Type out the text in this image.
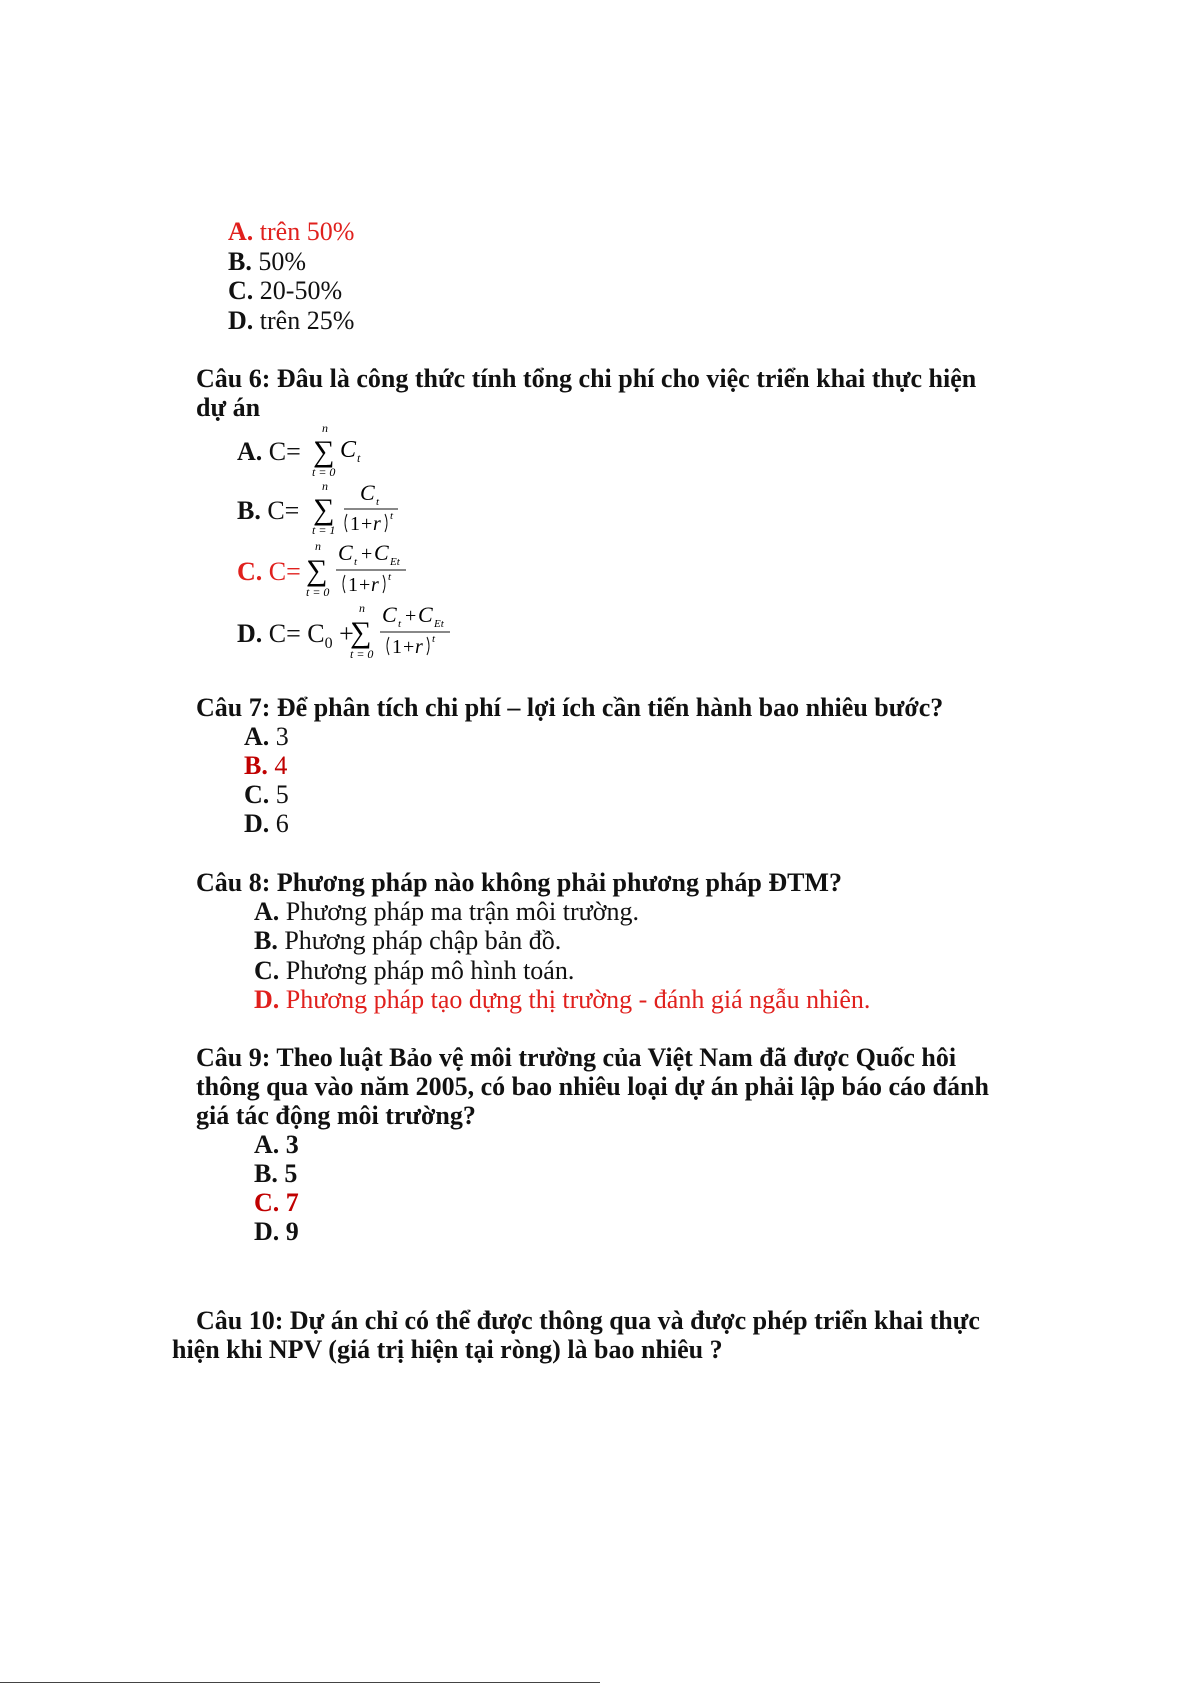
A. trên 50%
B. 50%
C. 20-50%
D. trên 25%
Câu 6: Đâu là công thức tính tổng chi phí cho việc triển khai thực hiện
dự án
A. C=
n
∑
t = 0
C t
B. C=
n
∑
t = 1
C t
1 + r t
C. C=
n
∑
t = 0
C t + C Et
1 + r t
D. $C= C_0$ +
n
∑
t = 0
C t + C Et
1 + r t
Câu 7: Để phân tích chi phí – lợi ích cần tiến hành bao nhiêu bước?
A. 3
B. 4
C. 5
D. 6
Câu 8: Phương pháp nào không phải phương pháp ĐTM?
A. Phương pháp ma trận môi trường.
B. Phương pháp chập bản đồ.
C. Phương pháp mô hình toán.
D. Phương pháp tạo dựng thị trường - đánh giá ngẫu nhiên.
Câu 9: Theo luật Bảo vệ môi trường của Việt Nam đã được Quốc hôi
thông qua vào năm 2005, có bao nhiêu loại dự án phải lập báo cáo đánh
giá tác động môi trường?
A. 3
B. 5
C. 7
D. 9
Câu 10: Dự án chỉ có thể được thông qua và được phép triển khai thực
hiện khi NPV (giá trị hiện tại ròng) là bao nhiêu ?
